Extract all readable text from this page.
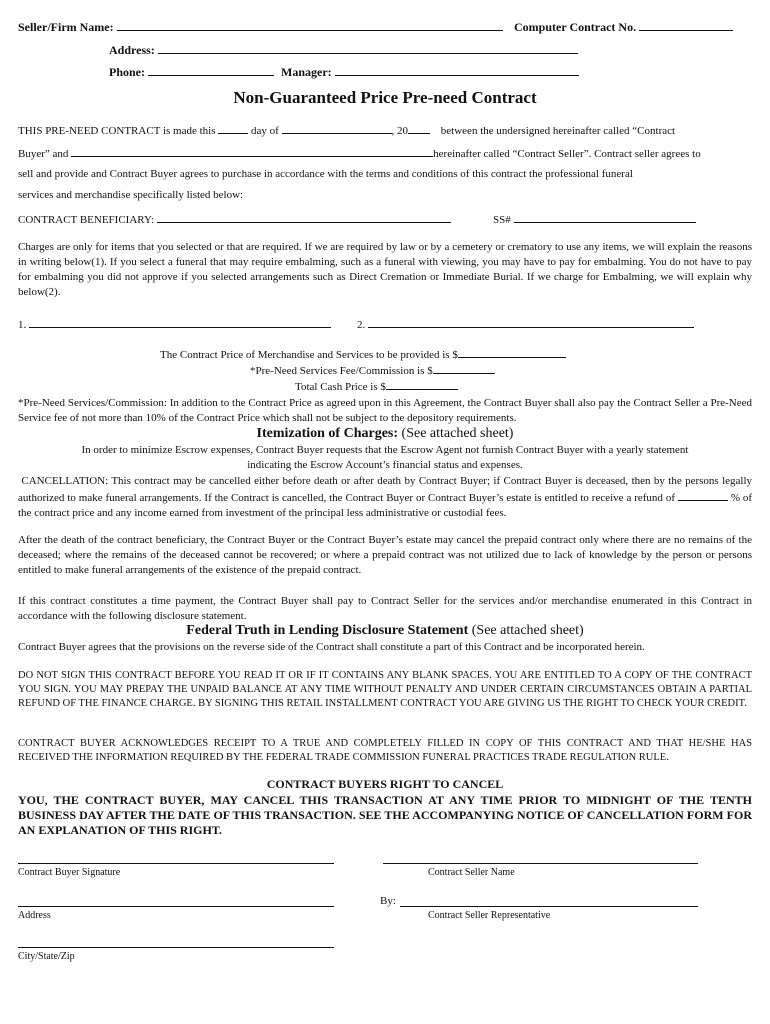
Seller/Firm Name:	Computer Contract No.
Address:
Phone:	Manager:
Non-Guaranteed Price Pre-need Contract
THIS PRE-NEED CONTRACT is made this	day of	, 20	between the undersigned hereinafter called “Contract
Buyer” and	hereinafter called “Contract Seller”. Contract seller agrees to
sell and provide and Contract Buyer agrees to purchase in accordance with the terms and conditions of this contract the professional funeral
services and merchandise specifically listed below:
CONTRACT BENEFICIARY:	SS#
Charges are only for items that you selected or that are required. If we are required by law or by a cemetery or crematory to use any items, we will explain the reasons in writing below(1). If you select a funeral that may require embalming, such as a funeral with viewing, you may have to pay for embalming. You do not have to pay for embalming you did not approve if you selected arrangements such as Direct Cremation or Immediate Burial. If we charge for Embalming, we will explain why below(2).
1.	2.
The Contract Price of Merchandise and Services to be provided is $
*Pre-Need Services Fee/Commission is $
Total Cash Price is $
*Pre-Need Services/Commission: In addition to the Contract Price as agreed upon in this Agreement, the Contract Buyer shall also pay the Contract Seller a Pre-Need Service fee of not more than 10% of the Contract Price which shall not be subject to the depository requirements.
Itemization of Charges: (See attached sheet)
In order to minimize Escrow expenses, Contract Buyer requests that the Escrow Agent not furnish Contract Buyer with a yearly statement
indicating the Escrow Account’s financial status and expenses.
CANCELLATION: This contract may be cancelled either before death or after death by Contract Buyer; if Contract Buyer is deceased, then by the persons legally authorized to make funeral arrangements. If the Contract is cancelled, the Contract Buyer or Contract Buyer’s estate is entitled to receive a refund of	% of the contract price and any income earned from investment of the principal less administrative or custodial fees.
After the death of the contract beneficiary, the Contract Buyer or the Contract Buyer’s estate may cancel the prepaid contract only where there are no remains of the deceased; where the remains of the deceased cannot be recovered; or where a prepaid contract was not utilized due to lack of knowledge by the person or persons entitled to make funeral arrangements of the existence of the prepaid contract.
If this contract constitutes a time payment, the Contract Buyer shall pay to Contract Seller for the services and/or merchandise enumerated in this Contract in accordance with the following disclosure statement.
Federal Truth in Lending Disclosure Statement (See attached sheet)
Contract Buyer agrees that the provisions on the reverse side of the Contract shall constitute a part of this Contract and be incorporated herein.
DO NOT SIGN THIS CONTRACT BEFORE YOU READ IT OR IF IT CONTAINS ANY BLANK SPACES. YOU ARE ENTITLED TO A COPY OF THE CONTRACT YOU SIGN. YOU MAY PREPAY THE UNPAID BALANCE AT ANY TIME WITHOUT PENALTY AND UNDER CERTAIN CIRCUMSTANCES OBTAIN A PARTIAL REFUND OF THE FINANCE CHARGE. BY SIGNING THIS RETAIL INSTALLMENT CONTRACT YOU ARE GIVING US THE RIGHT TO CHECK YOUR CREDIT.
CONTRACT BUYER ACKNOWLEDGES RECEIPT TO A TRUE AND COMPLETELY FILLED IN COPY OF THIS CONTRACT AND THAT HE/SHE HAS RECEIVED THE INFORMATION REQUIRED BY THE FEDERAL TRADE COMMISSION FUNERAL PRACTICES TRADE REGULATION RULE.
CONTRACT BUYERS RIGHT TO CANCEL
YOU, THE CONTRACT BUYER, MAY CANCEL THIS TRANSACTION AT ANY TIME PRIOR TO MIDNIGHT OF THE TENTH BUSINESS DAY AFTER THE DATE OF THIS TRANSACTION. SEE THE ACCOMPANYING NOTICE OF CANCELLATION FORM FOR AN EXPLANATION OF THIS RIGHT.
Contract Buyer Signature	Contract Seller Name
By:
Address	Contract Seller Representative
City/State/Zip
